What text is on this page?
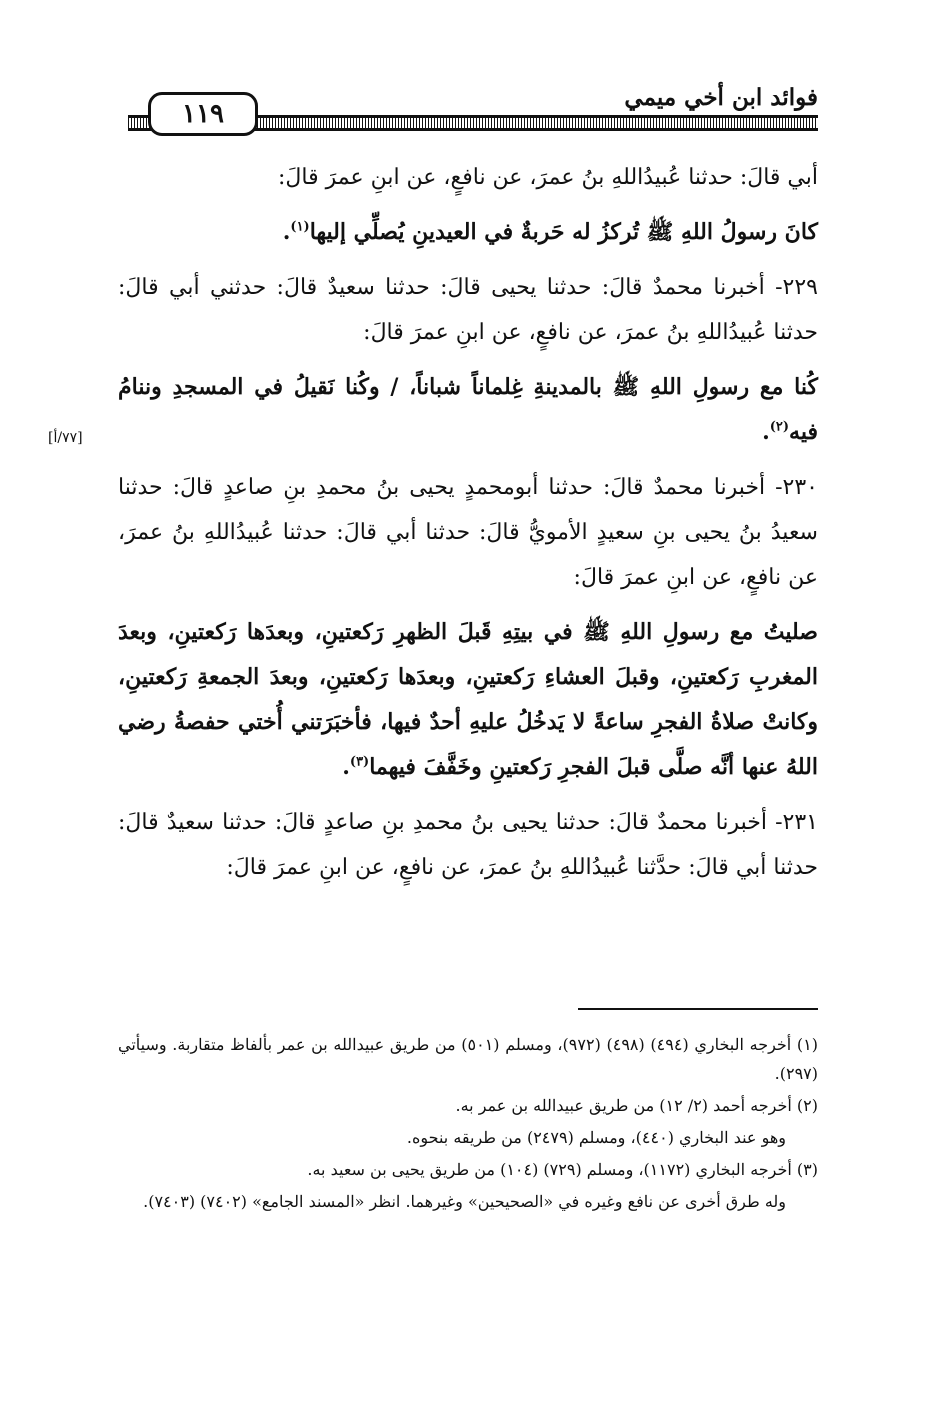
١١٩
فوائد ابن أخي ميمي

أبي قالَ: حدثنا عُبيدُاللهِ بنُ عمرَ، عن نافعٍ، عن ابنِ عمرَ قالَ:

كانَ رسولُ اللهِ ﷺ تُركزُ له حَربةٌ في العيدينِ يُصلِّي إليها$^{(١)}$.

٢٢٩- أخبرنا محمدٌ قالَ: حدثنا يحيى قالَ: حدثنا سعيدٌ قالَ: حدثني أبي قالَ: حدثنا عُبيدُاللهِ بنُ عمرَ، عن نافعٍ، عن ابنِ عمرَ قالَ:

كُنا مع رسولِ اللهِ ﷺ بالمدينةِ غِلماناً شباناً، / وكُنا نَقيلُ في المسجدِ وننامُ فيه$^{(٢)}$.

٢٣٠- أخبرنا محمدٌ قالَ: حدثنا أبومحمدٍ يحيى بنُ محمدِ بنِ صاعدٍ قالَ: حدثنا سعيدُ بنُ يحيى بنِ سعيدٍ الأمويُّ قالَ: حدثنا أبي قالَ: حدثنا عُبيدُاللهِ بنُ عمرَ، عن نافعٍ، عن ابنِ عمرَ قالَ:

صليتُ مع رسولِ اللهِ ﷺ في بيتِهِ قَبلَ الظهرِ رَكعتينِ، وبعدَها رَكعتينِ، وبعدَ المغربِ رَكعتينِ، وقبلَ العشاءِ رَكعتينِ، وبعدَها رَكعتينِ، وبعدَ الجمعةِ رَكعتينِ، وكانتْ صلاةُ الفجرِ ساعةً لا يَدخُلُ عليهِ أحدٌ فيها، فأخبَرَتني أُختي حفصةُ رضي اللهُ عنها أنَّه صلَّى قبلَ الفجرِ رَكعتينِ وخَفَّفَ فيهما$^{(٣)}$.

٢٣١- أخبرنا محمدٌ قالَ: حدثنا يحيى بنُ محمدِ بنِ صاعدٍ قالَ: حدثنا سعيدٌ قالَ: حدثنا أبي قالَ: حدَّثنا عُبيدُاللهِ بنُ عمرَ، عن نافعٍ، عن ابنِ عمرَ قالَ:

[٧٧/أ]

(١) أخرجه البخاري (٤٩٤) (٤٩٨) (٩٧٢)، ومسلم (٥٠١) من طريق عبيدالله بن عمر بألفاظ متقاربة. وسيأتي (٢٩٧).

(٢) أخرجه أحمد (٢/ ١٢) من طريق عبيدالله بن عمر به.

وهو عند البخاري (٤٤٠)، ومسلم (٢٤٧٩) من طريقه بنحوه.

(٣) أخرجه البخاري (١١٧٢)، ومسلم (٧٢٩) (١٠٤) من طريق يحيى بن سعيد به.

وله طرق أخرى عن نافع وغيره في «الصحيحين» وغيرهما. انظر «المسند الجامع» (٧٤٠٢) (٧٤٠٣).
